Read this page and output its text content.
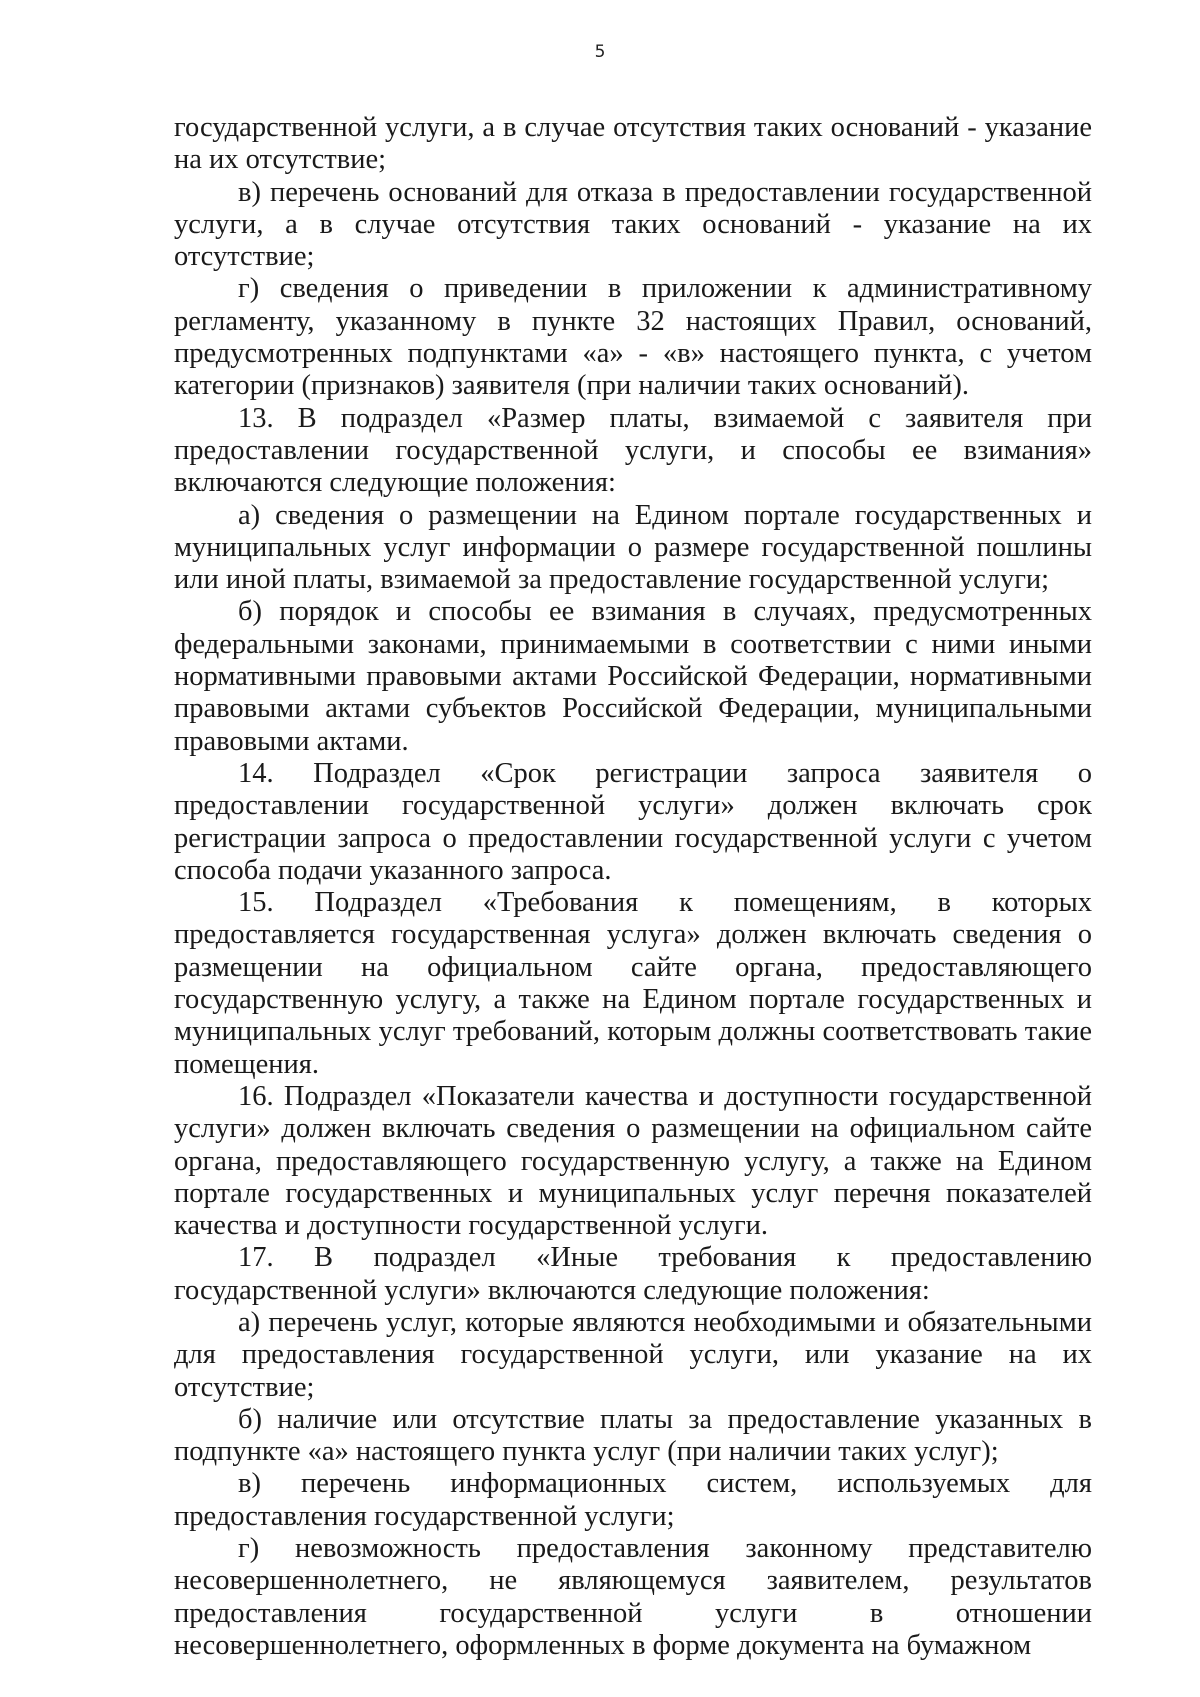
5

государственной услуги, а в случае отсутствия таких оснований - указание на их отсутствие;

в) перечень оснований для отказа в предоставлении государственной услуги, а в случае отсутствия таких оснований - указание на их отсутствие;

г) сведения о приведении в приложении к административному регламенту, указанному в пункте 32 настоящих Правил, оснований, предусмотренных подпунктами «а» - «в» настоящего пункта, с учетом категории (признаков) заявителя (при наличии таких оснований).

13. В подраздел «Размер платы, взимаемой с заявителя при предоставлении государственной услуги, и способы ее взимания» включаются следующие положения:

а) сведения о размещении на Едином портале государственных и муниципальных услуг информации о размере государственной пошлины или иной платы, взимаемой за предоставление государственной услуги;

б) порядок и способы ее взимания в случаях, предусмотренных федеральными законами, принимаемыми в соответствии с ними иными нормативными правовыми актами Российской Федерации, нормативными правовыми актами субъектов Российской Федерации, муниципальными правовыми актами.

14. Подраздел «Срок регистрации запроса заявителя о предоставлении государственной услуги» должен включать срок регистрации запроса о предоставлении государственной услуги с учетом способа подачи указанного запроса.

15. Подраздел «Требования к помещениям, в которых предоставляется государственная услуга» должен включать сведения о размещении на официальном сайте органа, предоставляющего государственную услугу, а также на Едином портале государственных и муниципальных услуг требований, которым должны соответствовать такие помещения.

16. Подраздел «Показатели качества и доступности государственной услуги» должен включать сведения о размещении на официальном сайте органа, предоставляющего государственную услугу, а также на Едином портале государственных и муниципальных услуг перечня показателей качества и доступности государственной услуги.

17. В подраздел «Иные требования к предоставлению государственной услуги» включаются следующие положения:

а) перечень услуг, которые являются необходимыми и обязательными для предоставления государственной услуги, или указание на их отсутствие;

б) наличие или отсутствие платы за предоставление указанных в подпункте «а» настоящего пункта услуг (при наличии таких услуг);

в) перечень информационных систем, используемых для предоставления государственной услуги;

г) невозможность предоставления законному представителю несовершеннолетнего, не являющемуся заявителем, результатов предоставления государственной услуги в отношении несовершеннолетнего, оформленных в форме документа на бумажном
